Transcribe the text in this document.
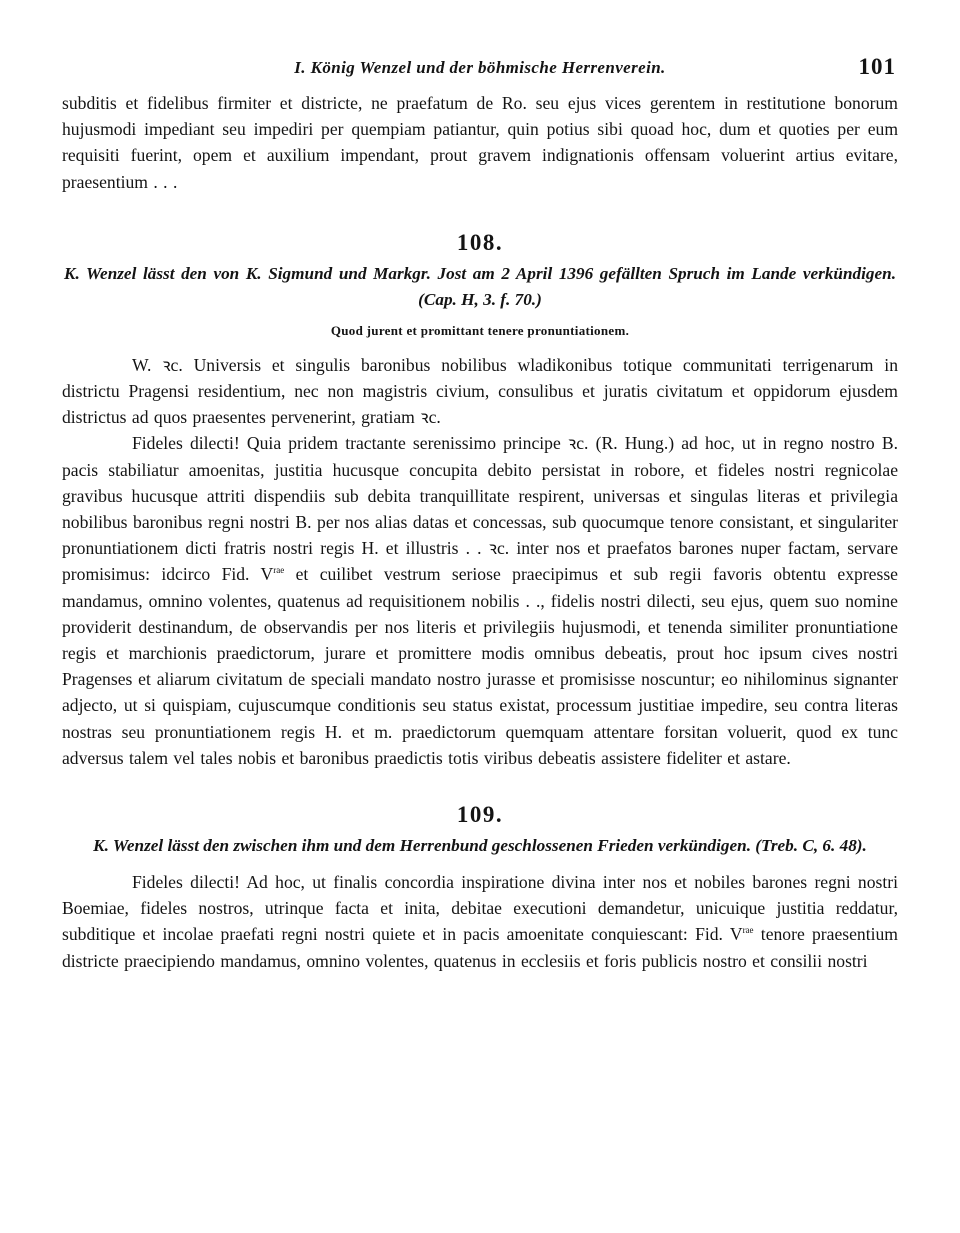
I. König Wenzel und der böhmische Herrenverein.	101

subditis et fidelibus firmiter et districte, ne praefatum de Ro. seu ejus vices gerentem in restitutione bonorum hujusmodi impediant seu impediri per quempiam patiantur, quin potius sibi quoad hoc, dum et quoties per eum requisiti fuerint, opem et auxilium impendant, prout gravem indignationis offensam voluerint artius evitare, praesentium . . .

108.
K. Wenzel lässt den von K. Sigmund und Markgr. Jost am 2 April 1396 gefällten Spruch im Lande verkündigen. (Cap. H, 3. f. 70.)
Quod jurent et promittant tenere pronuntiationem.

W. ꝛc. Universis et singulis baronibus nobilibus wladikonibus totique communitati terrigenarum in districtu Pragensi residentium, nec non magistris civium, consulibus et juratis civitatum et oppidorum ejusdem districtus ad quos praesentes pervenerint, gratiam ꝛc.

Fideles dilecti! Quia pridem tractante serenissimo principe ꝛc. (R. Hung.) ad hoc, ut in regno nostro B. pacis stabiliatur amoenitas, justitia hucusque concupita debito persistat in robore, et fideles nostri regnicolae gravibus hucusque attriti dispendiis sub debita tranquillitate respirent, universas et singulas literas et privilegia nobilibus baronibus regni nostri B. per nos alias datas et concessas, sub quocumque tenore consistant, et singulariter pronuntiationem dicti fratris nostri regis H. et illustris . . ꝛc. inter nos et praefatos barones nuper factam, servare promisimus: idcirco Fid. $V^{rae}$ et cuilibet vestrum seriose praecipimus et sub regii favoris obtentu expresse mandamus, omnino volentes, quatenus ad requisitionem nobilis . ., fidelis nostri dilecti, seu ejus, quem suo nomine providerit destinandum, de observandis per nos literis et privilegiis hujusmodi, et tenenda similiter pronuntiatione regis et marchionis praedictorum, jurare et promittere modis omnibus debeatis, prout hoc ipsum cives nostri Pragenses et aliarum civitatum de speciali mandato nostro jurasse et promisisse noscuntur; eo nihilominus signanter adjecto, ut si quispiam, cujuscumque conditionis seu status existat, processum justitiae impedire, seu contra literas nostras seu pronuntiationem regis H. et m. praedictorum quemquam attentare forsitan voluerit, quod ex tunc adversus talem vel tales nobis et baronibus praedictis totis viribus debeatis assistere fideliter et astare.

109.
K. Wenzel lässt den zwischen ihm und dem Herrenbund geschlossenen Frieden verkündigen. (Treb. C, 6. 48).

Fideles dilecti! Ad hoc, ut finalis concordia inspiratione divina inter nos et nobiles barones regni nostri Boemiae, fideles nostros, utrinque facta et inita, debitae executioni demandetur, unicuique justitia reddatur, subditique et incolae praefati regni nostri quiete et in pacis amoenitate conquiescant: Fid. $V^{rae}$ tenore praesentium districte praecipiendo mandamus, omnino volentes, quatenus in ecclesiis et foris publicis nostro et consilii nostri
